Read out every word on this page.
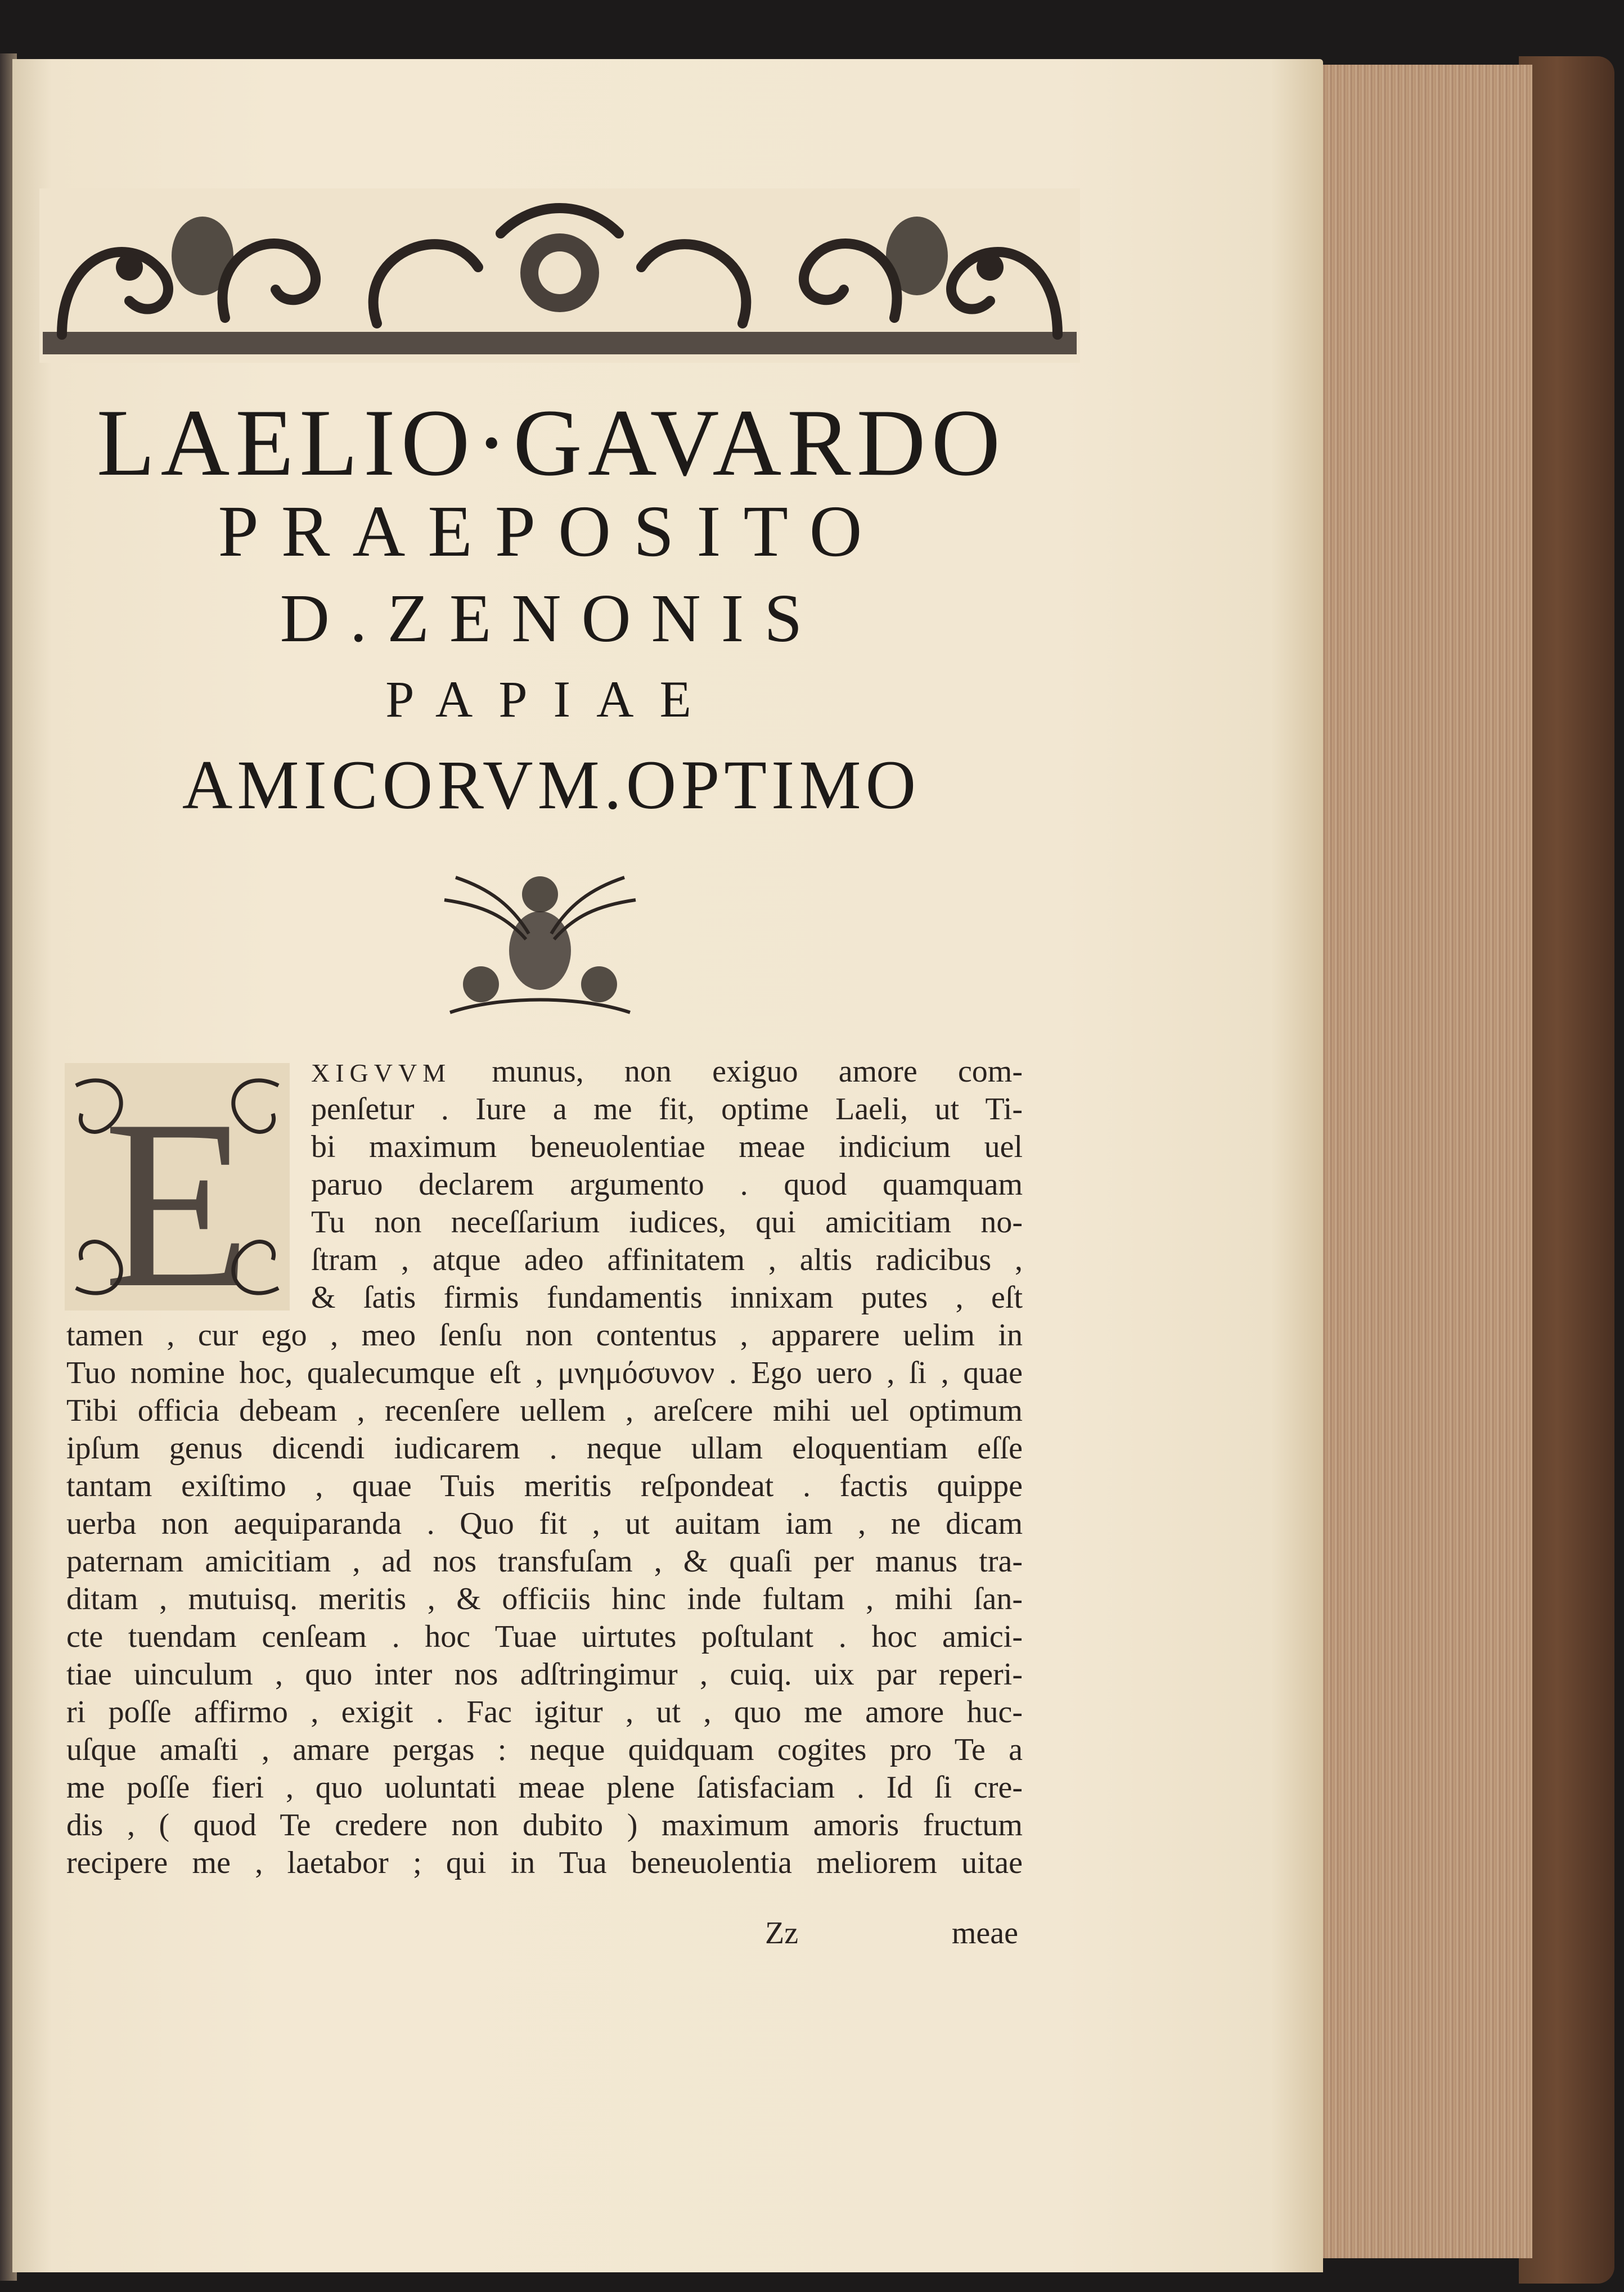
LAELIO·GAVARDO
PRAEPOSITO
D.ZENONIS
PAPIAE
AMICORVM.OPTIMO
E XIGVVM munus, non exiguo amore com-
penſetur . Iure a me fit, optime Laeli, ut Ti-
bi maximum beneuolentiae meae indicium uel
paruo declarem argumento . quod quamquam
Tu non neceſſarium iudices, qui amicitiam no-
ſtram , atque adeo affinitatem , altis radicibus ,
& ſatis firmis fundamentis innixam putes , eſt
tamen , cur ego , meo ſenſu non contentus , apparere uelim in
Tuo nomine hoc, qualecumque eſt , μνημόσυνον . Ego uero , ſi , quae
Tibi officia debeam , recenſere uellem , areſcere mihi uel optimum
ipſum genus dicendi iudicarem . neque ullam eloquentiam eſſe
tantam exiſtimo , quae Tuis meritis reſpondeat . factis quippe
uerba non aequiparanda . Quo fit , ut auitam iam , ne dicam
paternam amicitiam , ad nos transfuſam , & quaſi per manus tra-
ditam , mutuisq. meritis , & officiis hinc inde fultam , mihi ſan-
cte tuendam cenſeam . hoc Tuae uirtutes poſtulant . hoc amici-
tiae uinculum , quo inter nos adſtringimur , cuiq. uix par reperi-
ri poſſe affirmo , exigit . Fac igitur , ut , quo me amore huc-
uſque amaſti , amare pergas : neque quidquam cogites pro Te a
me poſſe fieri , quo uoluntati meae plene ſatisfaciam . Id ſi cre-
dis , ( quod Te credere non dubito ) maximum amoris fructum
recipere me , laetabor ; qui in Tua beneuolentia meliorem uitae
Zz	meae
